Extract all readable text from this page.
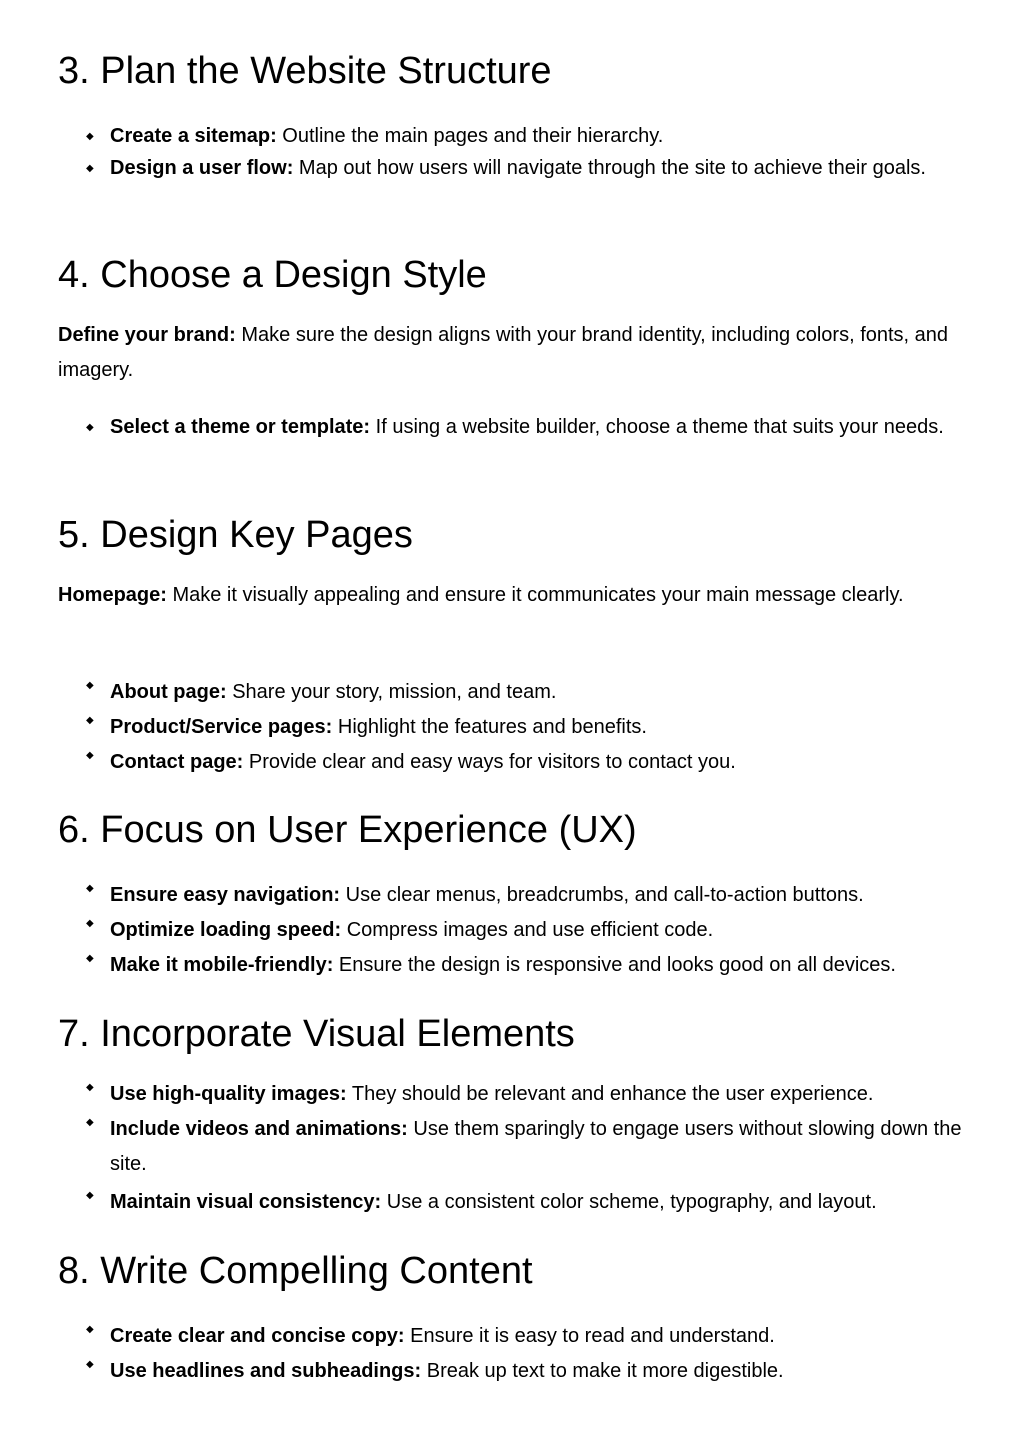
3. Plan the Website Structure
◆ Create a sitemap: Outline the main pages and their hierarchy.
◆ Design a user flow: Map out how users will navigate through the site to achieve their goals.
4. Choose a Design Style

Define your brand: Make sure the design aligns with your brand identity, including colors, fonts, and imagery.

◆ Select a theme or template: If using a website builder, choose a theme that suits your needs.
5. Design Key Pages

Homepage: Make it visually appealing and ensure it communicates your main message clearly.

◆ About page: Share your story, mission, and team.
◆ Product/Service pages: Highlight the features and benefits.
◆ Contact page: Provide clear and easy ways for visitors to contact you.
6. Focus on User Experience (UX)
◆ Ensure easy navigation: Use clear menus, breadcrumbs, and call-to-action buttons.
◆ Optimize loading speed: Compress images and use efficient code.
◆ Make it mobile-friendly: Ensure the design is responsive and looks good on all devices.
7. Incorporate Visual Elements
◆ Use high-quality images: They should be relevant and enhance the user experience.
◆ Include videos and animations: Use them sparingly to engage users without slowing down the site.
◆ Maintain visual consistency: Use a consistent color scheme, typography, and layout.
8. Write Compelling Content
◆ Create clear and concise copy: Ensure it is easy to read and understand.
◆ Use headlines and subheadings: Break up text to make it more digestible.
